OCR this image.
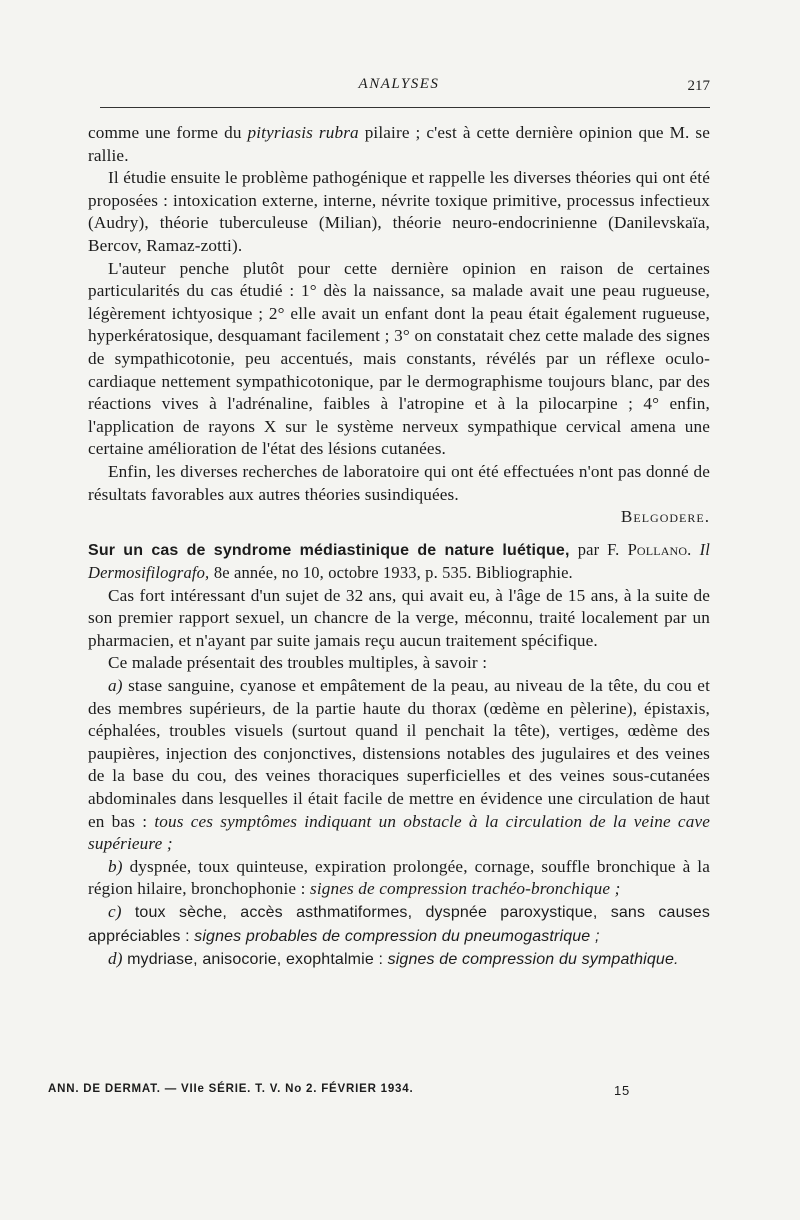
ANALYSES	217

comme une forme du pityriasis rubra pilaire ; c'est à cette dernière opinion que M. se rallie.

Il étudie ensuite le problème pathogénique et rappelle les diverses théories qui ont été proposées : intoxication externe, interne, névrite toxique primitive, processus infectieux (Audry), théorie tuberculeuse (Milian), théorie neuro-endocrinienne (Danilevskaïa, Bercov, Ramaz-zotti).

L'auteur penche plutôt pour cette dernière opinion en raison de certaines particularités du cas étudié : 1° dès la naissance, sa malade avait une peau rugueuse, légèrement ichtyosique ; 2° elle avait un enfant dont la peau était également rugueuse, hyperkératosique, desquamant facilement ; 3° on constatait chez cette malade des signes de sympathicotonie, peu accentués, mais constants, révélés par un réflexe oculo-cardiaque nettement sympathicotonique, par le dermographisme toujours blanc, par des réactions vives à l'adrénaline, faibles à l'atropine et à la pilocarpine ; 4° enfin, l'application de rayons X sur le système nerveux sympathique cervical amena une certaine amélioration de l'état des lésions cutanées.

Enfin, les diverses recherches de laboratoire qui ont été effectuées n'ont pas donné de résultats favorables aux autres théories susindiquées.

Belgodere.

Sur un cas de syndrome médiastinique de nature luétique, par F. Pollano. Il Dermosifilografo, 8e année, no 10, octobre 1933, p. 535. Bibliographie.

Cas fort intéressant d'un sujet de 32 ans, qui avait eu, à l'âge de 15 ans, à la suite de son premier rapport sexuel, un chancre de la verge, méconnu, traité localement par un pharmacien, et n'ayant par suite jamais reçu aucun traitement spécifique.

Ce malade présentait des troubles multiples, à savoir :

a) stase sanguine, cyanose et empâtement de la peau, au niveau de la tête, du cou et des membres supérieurs, de la partie haute du thorax (œdème en pèlerine), épistaxis, céphalées, troubles visuels (surtout quand il penchait la tête), vertiges, œdème des paupières, injection des conjonctives, distensions notables des jugulaires et des veines de la base du cou, des veines thoraciques superficielles et des veines sous-cutanées abdominales dans lesquelles il était facile de mettre en évidence une circulation de haut en bas : tous ces symptômes indiquant un obstacle à la circulation de la veine cave supérieure ;

b) dyspnée, toux quinteuse, expiration prolongée, cornage, souffle bronchique à la région hilaire, bronchophonie : signes de compression trachéo-bronchique ;

c) toux sèche, accès asthmatiformes, dyspnée paroxystique, sans causes appréciables : signes probables de compression du pneumogastrique ;

d) mydriase, anisocorie, exophtalmie : signes de compression du sympathique.

ANN. DE DERMAT. — VIIe SÉRIE. T. V. No 2. FÉVRIER 1934.	15
